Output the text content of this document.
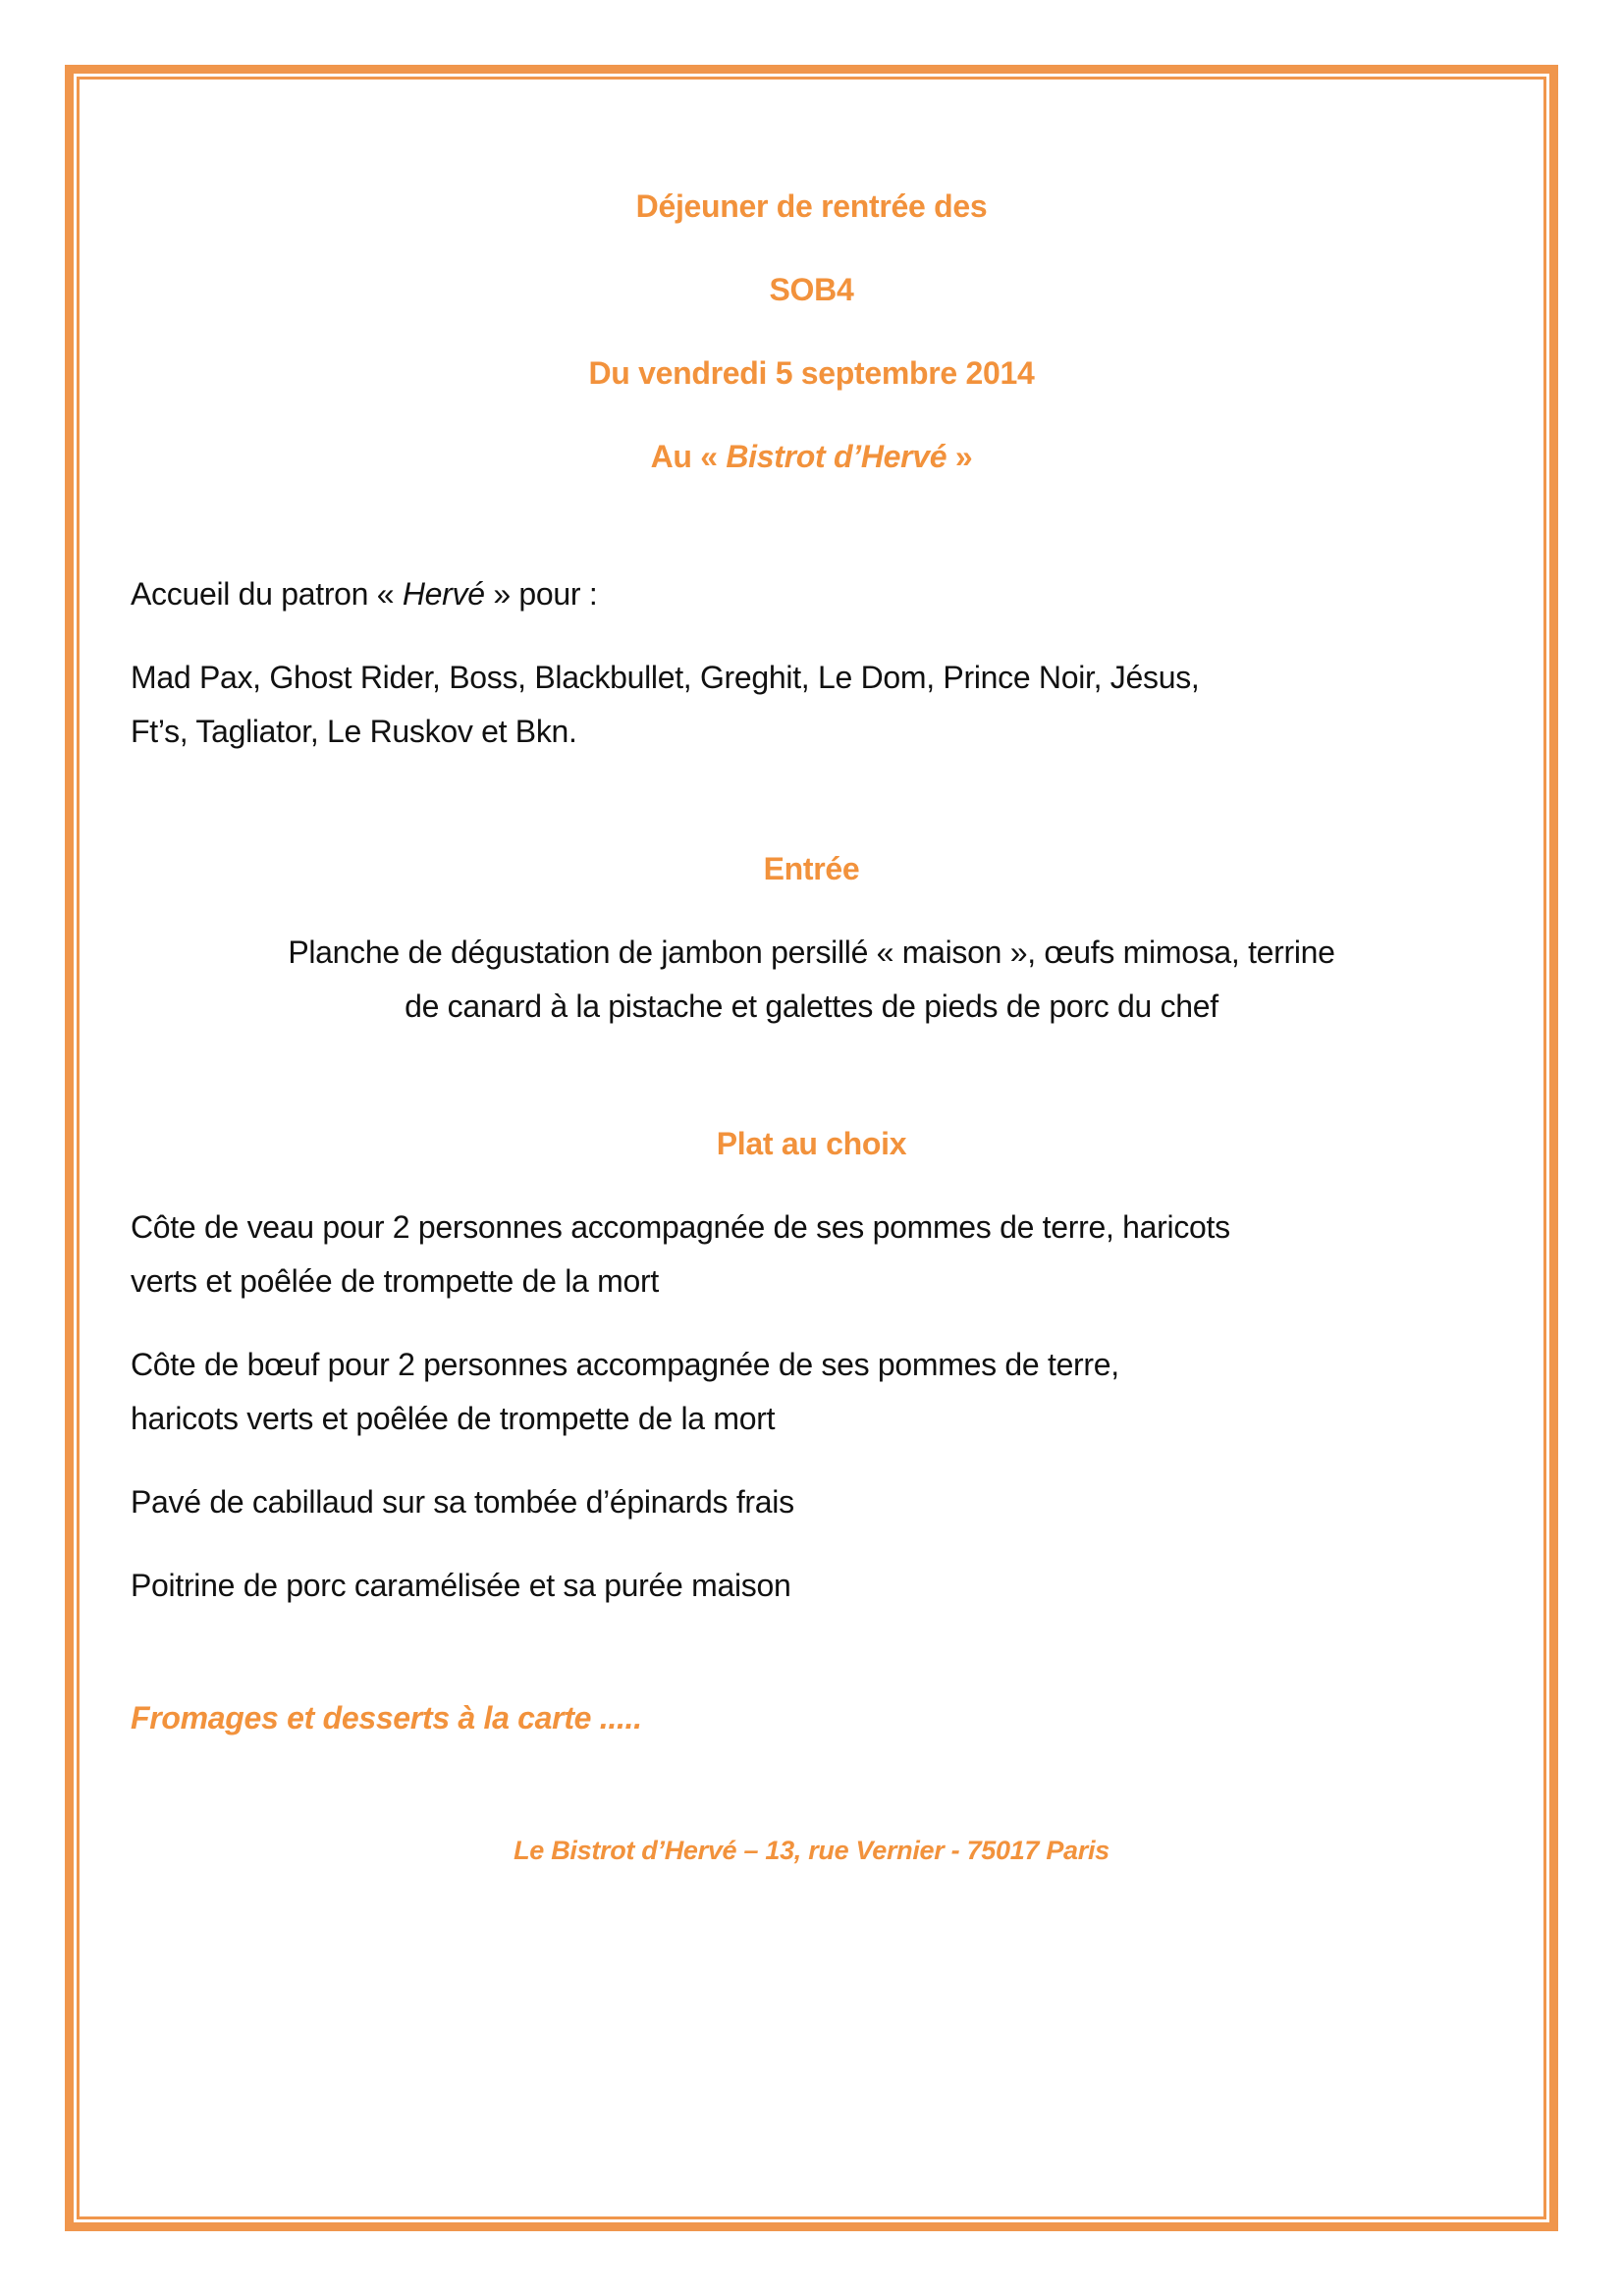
Déjeuner de rentrée des
SOB4
Du vendredi 5 septembre 2014
Au « Bistrot d’Hervé »
Accueil du patron « Hervé » pour :
Mad Pax, Ghost Rider, Boss, Blackbullet, Greghit, Le Dom, Prince Noir, Jésus,
Ft’s, Tagliator, Le Ruskov et Bkn.
Entrée
Planche de dégustation de jambon persillé « maison », œufs mimosa, terrine
de canard à la pistache et galettes de pieds de porc du chef
Plat au choix
Côte de veau pour 2 personnes accompagnée de ses pommes de terre, haricots
verts et poêlée de trompette de la mort
Côte de bœuf pour 2 personnes accompagnée de ses pommes de terre,
haricots verts et poêlée de trompette de la mort
Pavé de cabillaud sur sa tombée d’épinards frais
Poitrine de porc caramélisée et sa purée maison
Fromages et desserts à la carte .....
Le Bistrot d’Hervé – 13, rue Vernier - 75017 Paris
